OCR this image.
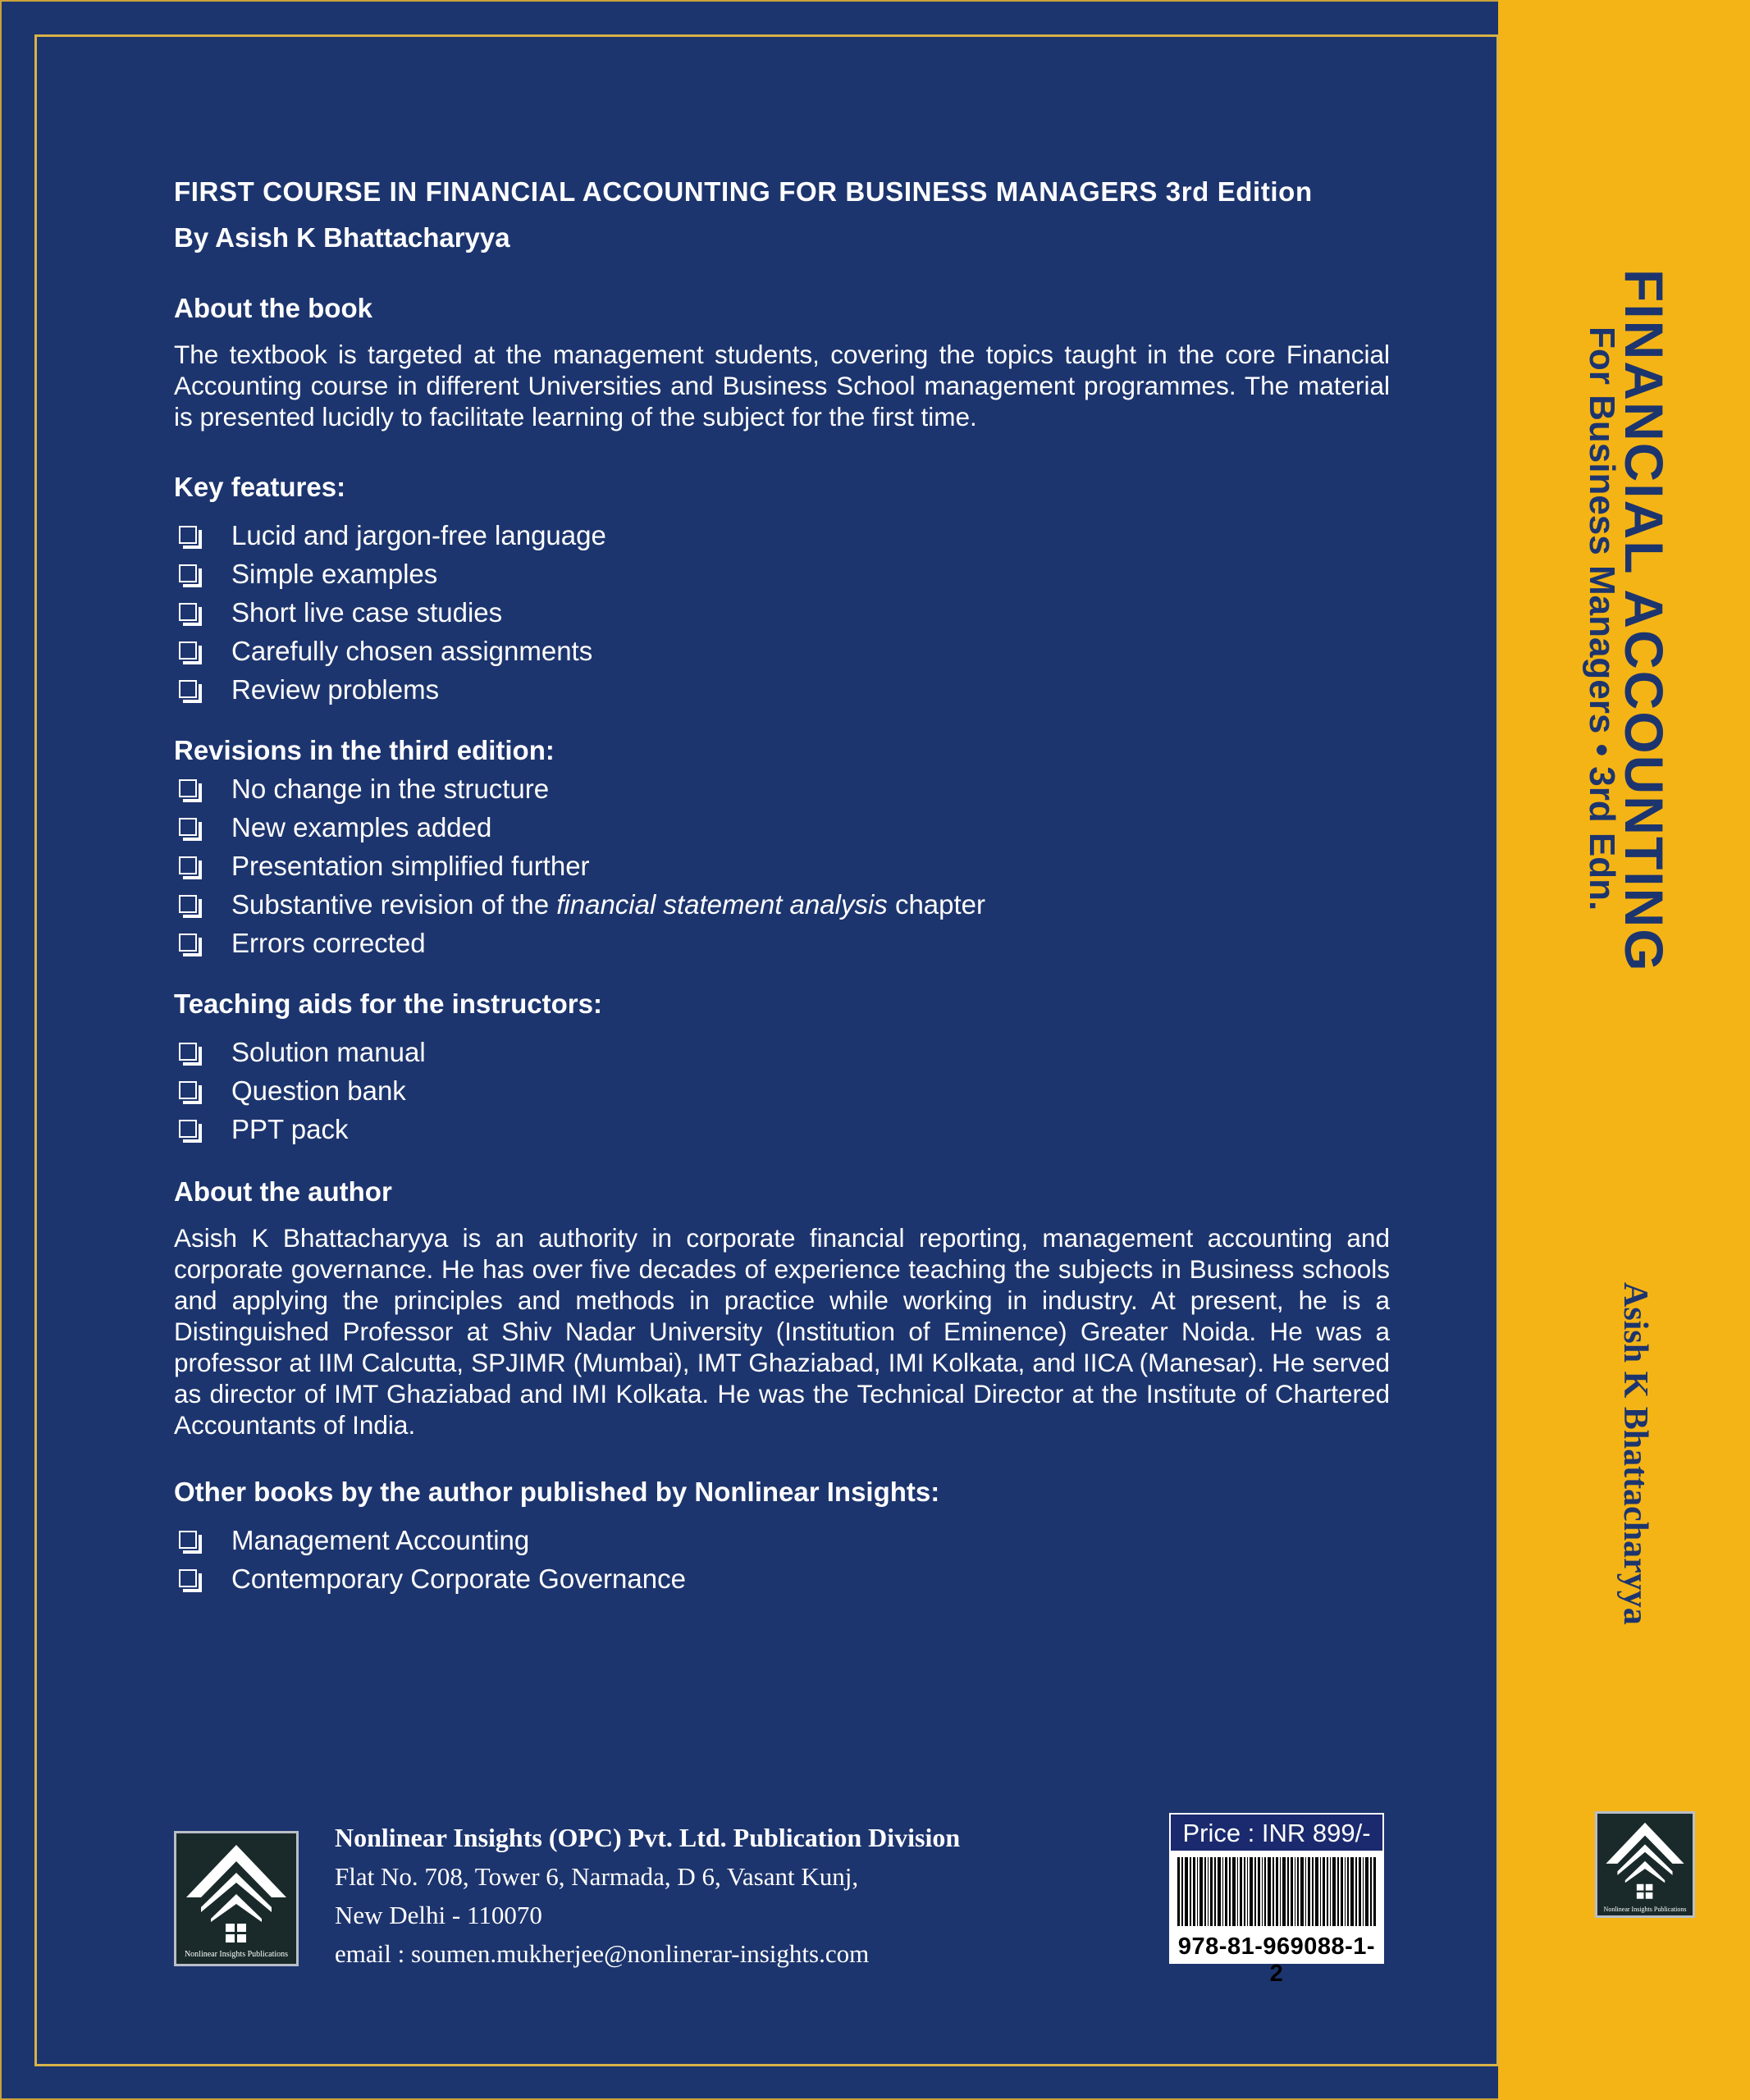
FIRST COURSE IN FINANCIAL ACCOUNTING FOR BUSINESS MANAGERS 3rd Edition
By Asish K Bhattacharyya
About the book

The textbook is targeted at the management students, covering the topics taught in the core Financial Accounting course in different Universities and Business School management programmes. The material is presented lucidly to facilitate learning of the subject for the first time.

Key features:
Lucid and jargon-free language
Simple examples
Short live case studies
Carefully chosen assignments
Review problems
Revisions in the third edition:
No change in the structure
New examples added
Presentation simplified further
Substantive revision of the financial statement analysis chapter
Errors corrected
Teaching aids for the instructors:
Solution manual
Question bank
PPT pack
About the author

Asish K Bhattacharyya is an authority in corporate financial reporting, management accounting and corporate governance. He has over five decades of experience teaching the subjects in Business schools and applying the principles and methods in practice while working in industry. At present, he is a Distinguished Professor at Shiv Nadar University (Institution of Eminence) Greater Noida. He was a professor at IIM Calcutta, SPJIMR (Mumbai), IMT Ghaziabad, IMI Kolkata, and IICA (Manesar). He served as director of IMT Ghaziabad and IMI Kolkata. He was the Technical Director at the Institute of Chartered Accountants of India.

Other books by the author published by Nonlinear Insights:
Management Accounting
Contemporary Corporate Governance
Nonlinear Insights Publications
Nonlinear Insights (OPC) Pvt. Ltd. Publication Division
Flat No. 708, Tower 6, Narmada, D 6, Vasant Kunj,
New Delhi - 110070
email : soumen.mukherjee@nonlinerar-insights.com
Price : INR 899/-
978-81-969088-1-2
FINANCIAL ACCOUNTING
For Business Managers • 3rd Edn.
Asish K Bhattacharyya
Nonlinear Insights Publications
